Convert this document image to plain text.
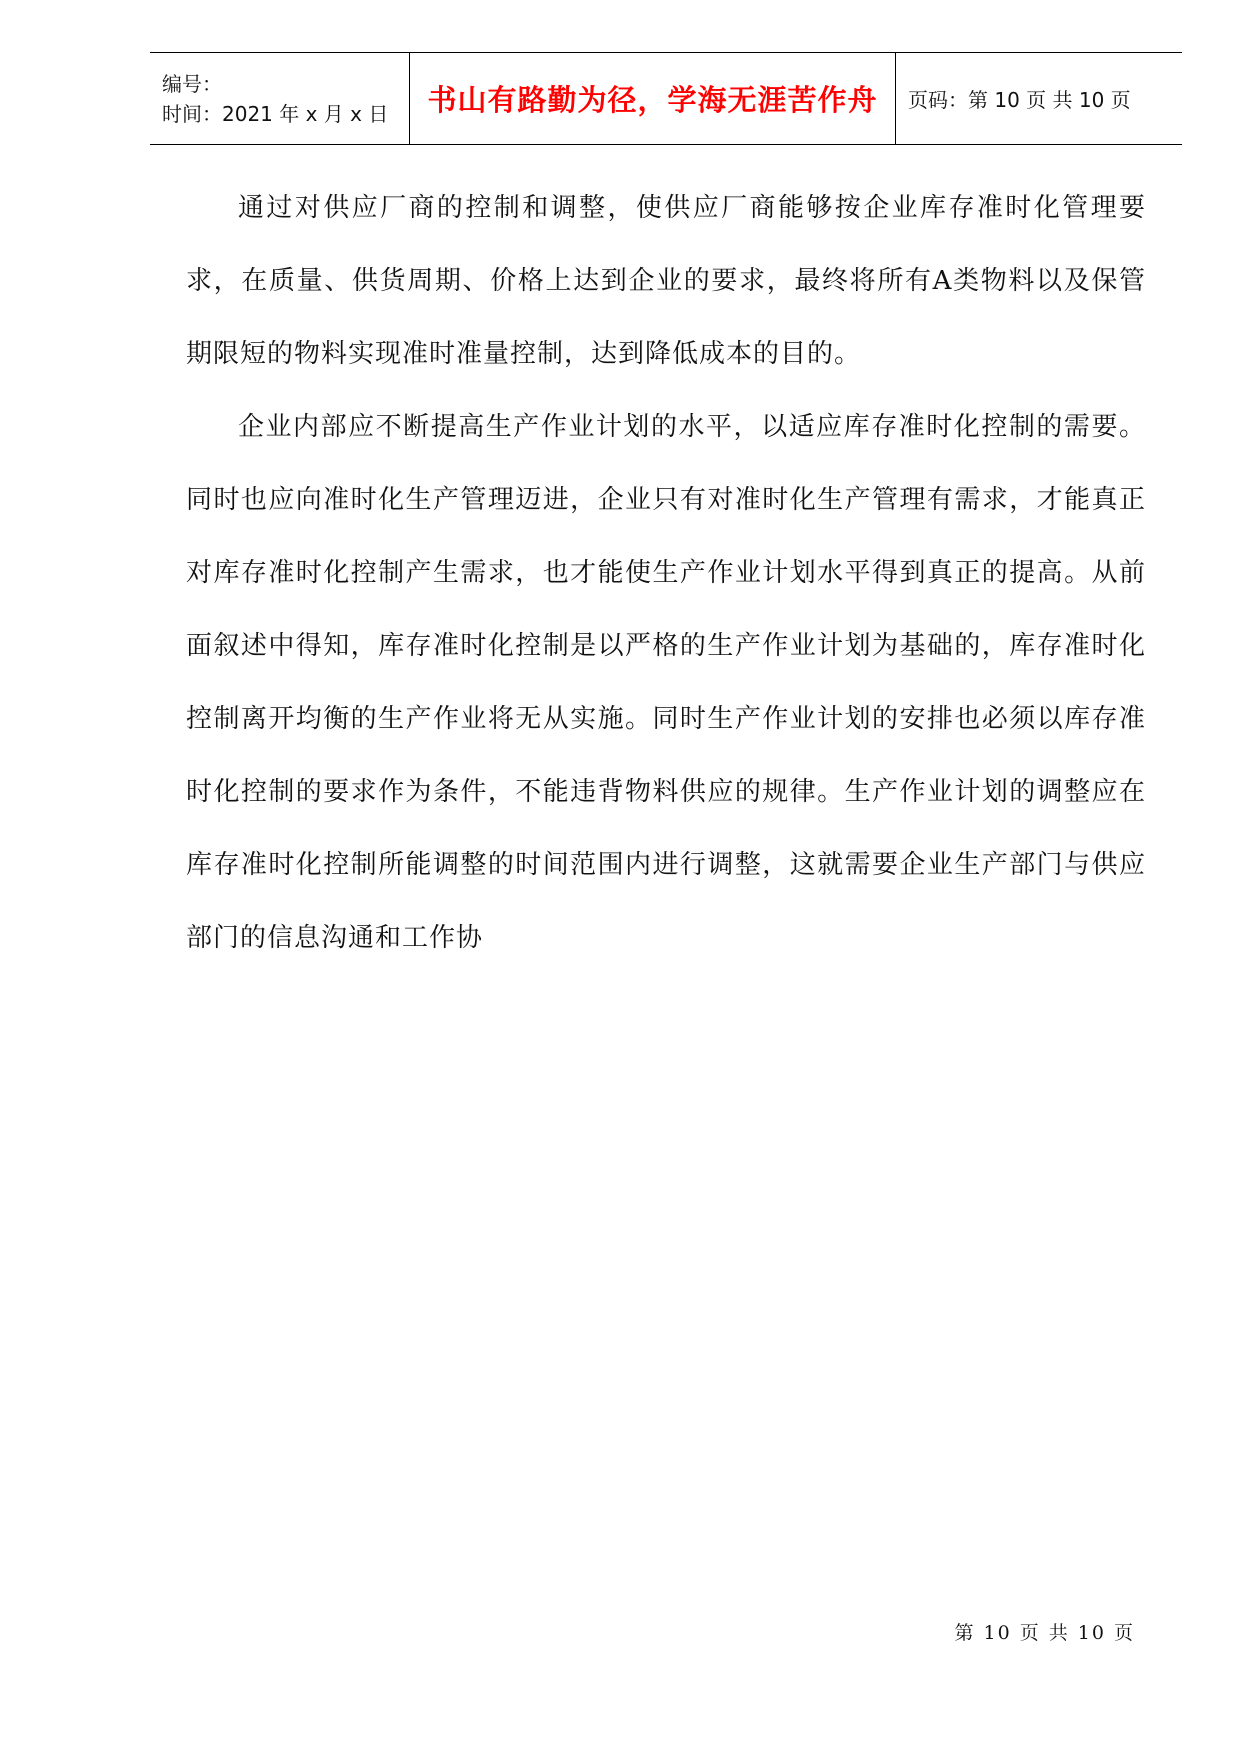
编号：
时间：2021 年 x 月 x 日	书山有路勤为径，学海无涯苦作舟 页码：第 10 页 共 10 页

通过对供应厂商的控制和调整，使供应厂商能够按企业库存准时化管理要求，在质量、供货周期、价格上达到企业的要求，最终将所有A类物料以及保管期限短的物料实现准时准量控制，达到降低成本的目的。

企业内部应不断提高生产作业计划的水平，以适应库存准时化控制的需要。同时也应向准时化生产管理迈进，企业只有对准时化生产管理有需求，才能真正对库存准时化控制产生需求，也才能使生产作业计划水平得到真正的提高。从前面叙述中得知，库存准时化控制是以严格的生产作业计划为基础的，库存准时化控制离开均衡的生产作业将无从实施。同时生产作业计划的安排也必须以库存准时化控制的要求作为条件，不能违背物料供应的规律。生产作业计划的调整应在库存准时化控制所能调整的时间范围内进行调整，这就需要企业生产部门与供应部门的信息沟通和工作协

第 10 页 共 10 页
